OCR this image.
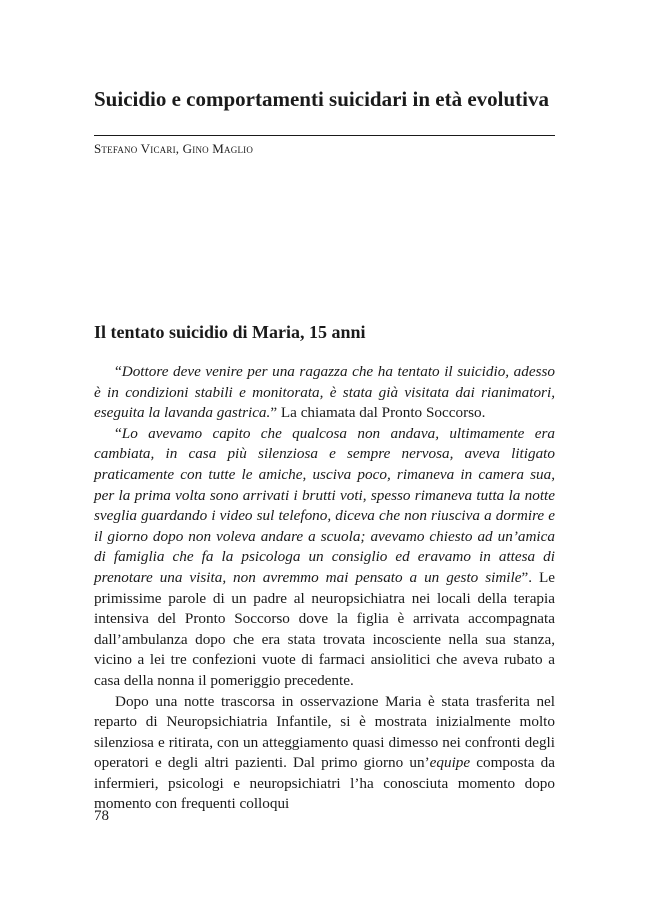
Suicidio e comportamenti suicidari in età evolutiva
Stefano Vicari, Gino Maglio
Il tentato suicidio di Maria, 15 anni

“Dottore deve venire per una ragazza che ha tentato il suicidio, adesso è in condizioni stabili e monitorata, è stata già visitata dai rianimatori, eseguita la lavanda gastrica.” La chiamata dal Pronto Soccorso.

“Lo avevamo capito che qualcosa non andava, ultimamente era cambiata, in casa più silenziosa e sempre nervosa, aveva litigato praticamente con tutte le amiche, usciva poco, rimaneva in camera sua, per la prima volta sono arrivati i brutti voti, spesso rimaneva tutta la notte sveglia guardando i video sul telefono, diceva che non riusciva a dormire e il giorno dopo non voleva andare a scuola; avevamo chiesto ad un’amica di famiglia che fa la psicologa un consiglio ed eravamo in attesa di prenotare una visita, non avremmo mai pensato a un gesto simile”. Le primissime parole di un padre al neuropsichiatra nei locali della terapia intensiva del Pronto Soccorso dove la figlia è arrivata accompagnata dall’ambulanza dopo che era stata trovata incosciente nella sua stanza, vicino a lei tre confezioni vuote di farmaci ansiolitici che aveva rubato a casa della nonna il pomeriggio precedente.

Dopo una notte trascorsa in osservazione Maria è stata trasferita nel reparto di Neuropsichiatria Infantile, si è mostrata inizialmente molto silenziosa e ritirata, con un atteggiamento quasi dimesso nei confronti degli operatori e degli altri pazienti. Dal primo giorno un’equipe composta da infermieri, psicologi e neuropsichiatri l’ha conosciuta momento dopo momento con frequenti colloqui

78
